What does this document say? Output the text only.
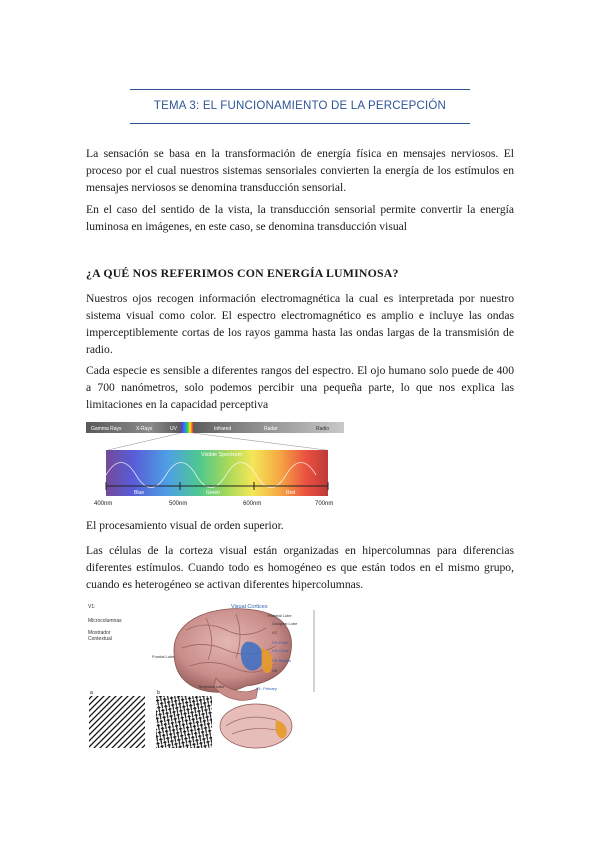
TEMA 3: EL FUNCIONAMIENTO DE LA PERCEPCIÓN

La sensación se basa en la transformación de energía física en mensajes nerviosos. El proceso por el cual nuestros sistemas sensoriales convierten la energía de los estímulos en mensajes nerviosos se denomina transducción sensorial.

En el caso del sentido de la vista, la transducción sensorial permite convertir la energía luminosa en imágenes, en este caso, se denomina transducción visual

¿A QUÉ NOS REFERIMOS CON ENERGÍA LUMINOSA?

Nuestros ojos recogen información electromagnética la cual es interpretada por nuestro sistema visual como color. El espectro electromagnético es amplio e incluye las ondas imperceptiblemente cortas de los rayos gamma hasta las ondas largas de la transmisión de radio.

Cada especie es sensible a diferentes rangos del espectro. El ojo humano solo puede de 400 a 700 nanómetros, solo podemos percibir una pequeña parte, lo que nos explica las limitaciones en la capacidad perceptiva

Gamma Rays	X-Rays	UV	Infrared	Radar	Radio
Visible Spectrum
Blue	Green	Red
400nm	500nm	600nm	700nm

El procesamiento visual de orden superior.

Las células de la corteza visual están organizadas en hipercolumnas para diferencias diferentes estímulos. Cuando todo es homogéneo es que están todos en el mismo grupo, cuando es heterogéneo se activan diferentes hipercolumnas.

V1:
Microcolumnas
Mostrador
Contextual
Visual Cortices
Parietal Lobe
Occipital Lobe
V2
V3: Form
V4: Color
V5: Motion
V6
Temporal Lobe	V1: Primary
Frontal Lobe
a	b
